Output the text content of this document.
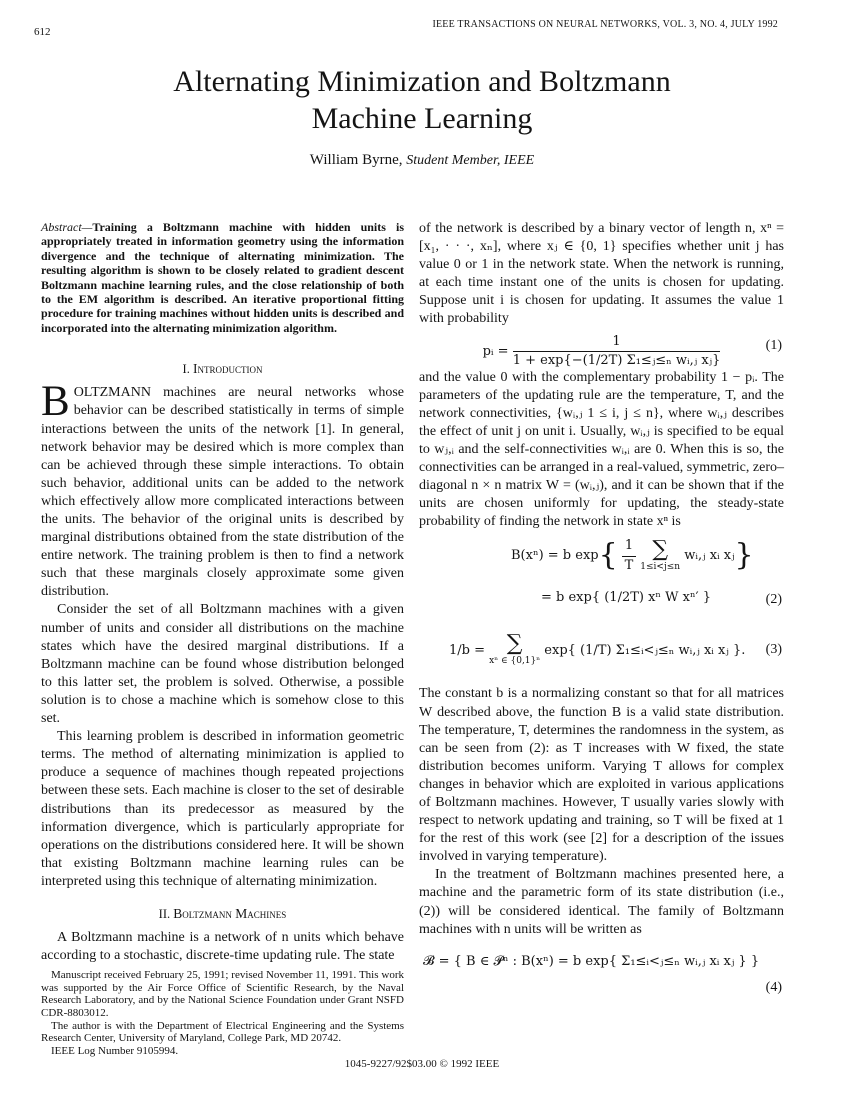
612
IEEE TRANSACTIONS ON NEURAL NETWORKS, VOL. 3, NO. 4, JULY 1992
Alternating Minimization and Boltzmann
Machine Learning
William Byrne, Student Member, IEEE

Abstract—Training a Boltzmann machine with hidden units is appropriately treated in information geometry using the information divergence and the technique of alternating minimization. The resulting algorithm is shown to be closely related to gradient descent Boltzmann machine learning rules, and the close relationship of both to the EM algorithm is described. An iterative proportional fitting procedure for training machines without hidden units is described and incorporated into the alternating minimization algorithm.

I. Introduction

BOLTZMANN machines are neural networks whose behavior can be described statistically in terms of simple interactions between the units of the network [1]. In general, network behavior may be desired which is more complex than can be achieved through these simple interactions. To obtain such behavior, additional units can be added to the network which effectively allow more complicated interactions between the units. The behavior of the original units is described by marginal distributions obtained from the state distribution of the entire network. The training problem is then to find a network such that these marginals closely approximate some given distribution.

Consider the set of all Boltzmann machines with a given number of units and consider all distributions on the machine states which have the desired marginal distributions. If a Boltzmann machine can be found whose distribution belonged to this latter set, the problem is solved. Otherwise, a possible solution is to chose a machine which is somehow close to this set.

This learning problem is described in information geometric terms. The method of alternating minimization is applied to produce a sequence of machines though repeated projections between these sets. Each machine is closer to the set of desirable distributions than its predecessor as measured by the information divergence, which is particularly appropriate for operations on the distributions considered here. It will be shown that existing Boltzmann machine learning rules can be interpreted using this technique of alternating minimization.

II. Boltzmann Machines

A Boltzmann machine is a network of n units which behave according to a stochastic, discrete-time updating rule. The state

Manuscript received February 25, 1991; revised November 11, 1991. This work was supported by the Air Force Office of Scientific Research, by the Naval Research Laboratory, and by the National Science Foundation under Grant NSFD CDR-8803012.

The author is with the Department of Electrical Engineering and the Systems Research Center, University of Maryland, College Park, MD 20742.

IEEE Log Number 9105994.

of the network is described by a binary vector of length n, xⁿ = [x₁, · · ·, xₙ], where xⱼ ∈ {0, 1} specifies whether unit j has value 0 or 1 in the network state. When the network is running, at each time instant one of the units is chosen for updating. Suppose unit i is chosen for updating. It assumes the value 1 with probability

pᵢ = $\frac{1}{\text{1 + exp\{−(1/2T) Σ₁≤ⱼ≤ₙ wᵢ,ⱼ xⱼ\}}}$	(1)

and the value 0 with the complementary probability 1 − pᵢ. The parameters of the updating rule are the temperature, T, and the network connectivities, {wᵢ,ⱼ 1 ≤ i, j ≤ n}, where wᵢ,ⱼ describes the effect of unit j on unit i. Usually, wᵢ,ⱼ is specified to be equal to wⱼ,ᵢ and the self-connectivities wᵢ,ᵢ are 0. When this is so, the connectivities can be arranged in a real-valued, symmetric, zero–diagonal n × n matrix W = (wᵢ,ⱼ), and it can be shown that if the units are chosen uniformly for updating, the steady-state probability of finding the network in state xⁿ is

B(xⁿ) = b $\exp\{ \frac{1}{T}$
∑
1≤i<j≤n
wᵢ,ⱼ xᵢ xⱼ}
= b exp{ (1/2T) xⁿ W xⁿ′ }	(2)
1/b = ∑
xⁿ ∈ {0,1}ⁿ
exp{ (1/T) Σ₁≤ᵢ<ⱼ≤ₙ wᵢ,ⱼ xᵢ xⱼ }.	(3)

The constant b is a normalizing constant so that for all matrices W described above, the function B is a valid state distribution. The temperature, T, determines the randomness in the system, as can be seen from (2): as T increases with W fixed, the state distribution becomes uniform. Varying T allows for complex changes in behavior which are exploited in various applications of Boltzmann machines. However, T usually varies slowly with respect to network updating and training, so T will be fixed at 1 for the rest of this work (see [2] for a description of the issues involved in varying temperature).

In the treatment of Boltzmann machines presented here, a machine and the parametric form of its state distribution (i.e., (2)) will be considered identical. The family of Boltzmann machines with n units will be written as

𝓑 = { B ∈ 𝓟ⁿ : B(xⁿ) = b exp{ Σ₁≤ᵢ<ⱼ≤ₙ wᵢ,ⱼ xᵢ xⱼ } }
(4)
1045-9227/92$03.00 © 1992 IEEE
